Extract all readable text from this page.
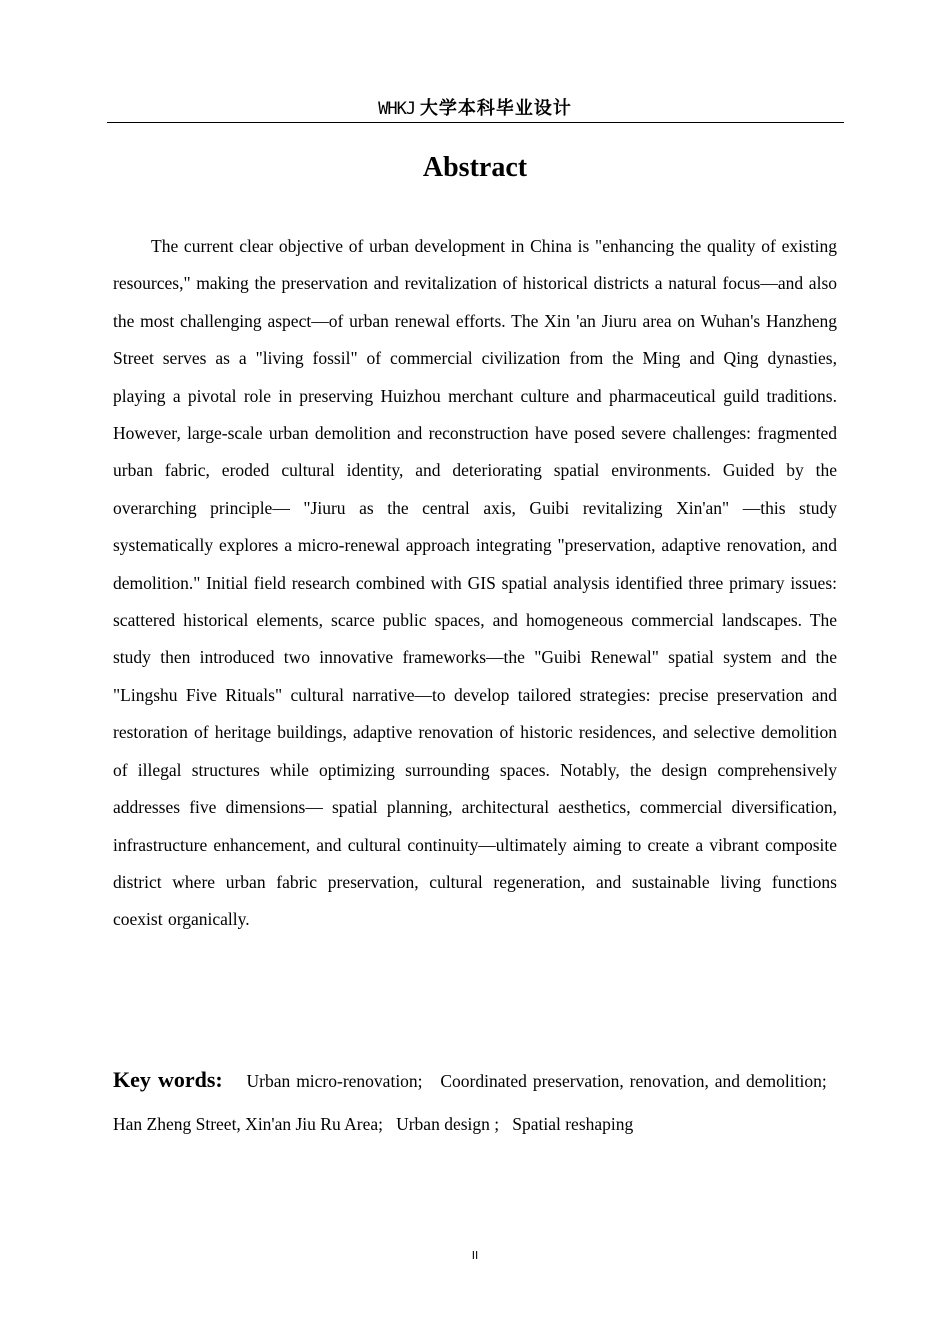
WHKJ 大学本科毕业设计
Abstract

The current clear objective of urban development in China is "enhancing the quality of existing resources," making the preservation and revitalization of historical districts a natural focus—and also the most challenging aspect—of urban renewal efforts. The Xin 'an Jiuru area on Wuhan's Hanzheng Street serves as a "living fossil" of commercial civilization from the Ming and Qing dynasties, playing a pivotal role in preserving Huizhou merchant culture and pharmaceutical guild traditions. However, large-scale urban demolition and reconstruction have posed severe challenges: fragmented urban fabric, eroded cultural identity, and deteriorating spatial environments. Guided by the overarching principle— "Jiuru as the central axis, Guibi revitalizing Xin'an" —this study systematically explores a micro-renewal approach integrating "preservation, adaptive renovation, and demolition." Initial field research combined with GIS spatial analysis identified three primary issues: scattered historical elements, scarce public spaces, and homogeneous commercial landscapes. The study then introduced two innovative frameworks—the "Guibi Renewal" spatial system and the "Lingshu Five Rituals" cultural narrative—to develop tailored strategies: precise preservation and restoration of heritage buildings, adaptive renovation of historic residences, and selective demolition of illegal structures while optimizing surrounding spaces. Notably, the design comprehensively addresses five dimensions— spatial planning, architectural aesthetics, commercial diversification, infrastructure enhancement, and cultural continuity—ultimately aiming to create a vibrant composite district where urban fabric preservation, cultural regeneration, and sustainable living functions coexist organically.

Key words: Urban micro-renovation;   Coordinated preservation, renovation, and demolition;   Han Zheng Street, Xin'an Jiu Ru Area;   Urban design ;   Spatial reshaping

II
